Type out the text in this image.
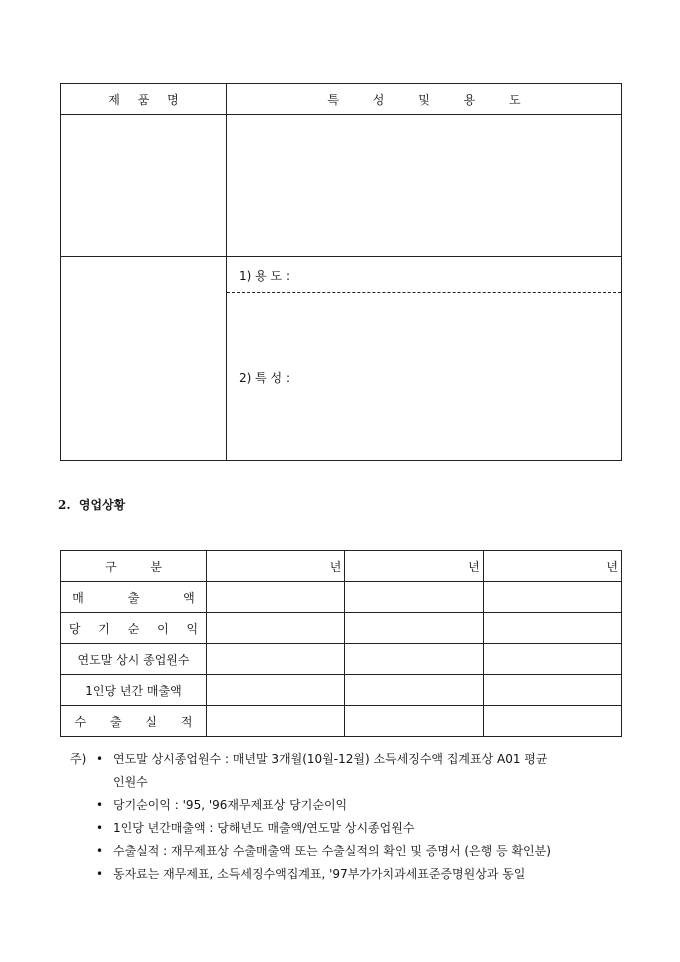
제 품 명	특 성 및 용 도

	1) 용 도 :
2) 특 성 :
2.  영업상황
구 분	년	년	년
매 출 액			
당 기 순 이 익			
연도말 상시 종업원수			
1인당 년간 매출액			
수 출 실 적			
주) • 연도말 상시종업원수 : 매년말 3개월(10월-12월) 소득세징수액 집계표상 A01 평균
인원수
• 당기순이익 : '95, '96재무제표상 당기순이익
• 1인당 년간매출액 : 당해년도 매출액/연도말 상시종업원수
• 수출실적 : 재무제표상 수출매출액 또는 수출실적의 확인 및 증명서 (은행 등 확인분)
• 동자료는 재무제표, 소득세징수액집계표, '97부가가치과세표준증명원상과 동일
